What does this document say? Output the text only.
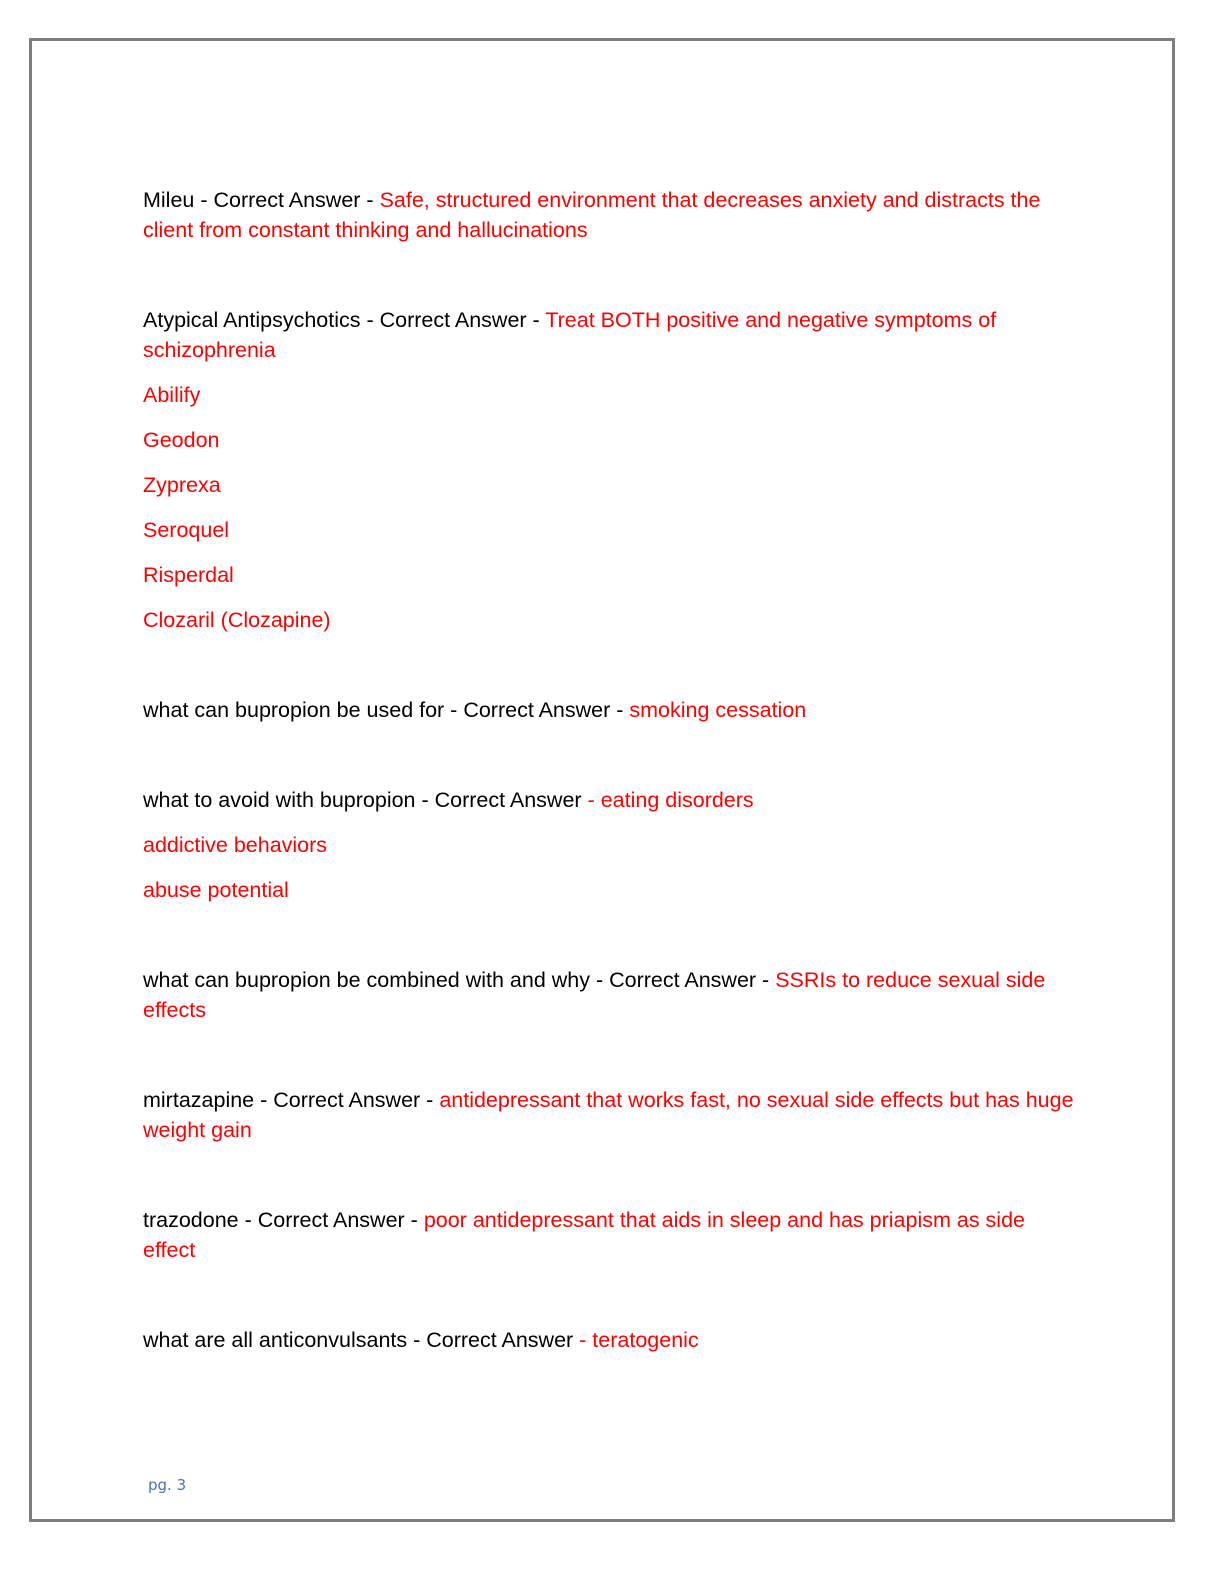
Mileu - Correct Answer - Safe, structured environment that decreases anxiety and distracts the client from constant thinking and hallucinations

Atypical Antipsychotics - Correct Answer - Treat BOTH positive and negative symptoms of schizophrenia

Abilify

Geodon

Zyprexa

Seroquel

Risperdal

Clozaril (Clozapine)

what can bupropion be used for - Correct Answer - smoking cessation

what to avoid with bupropion - Correct Answer - eating disorders

addictive behaviors

abuse potential

what can bupropion be combined with and why - Correct Answer - SSRIs to reduce sexual side effects

mirtazapine - Correct Answer - antidepressant that works fast, no sexual side effects but has huge weight gain

trazodone - Correct Answer - poor antidepressant that aids in sleep and has priapism as side effect

what are all anticonvulsants - Correct Answer - teratogenic

pg. 3
